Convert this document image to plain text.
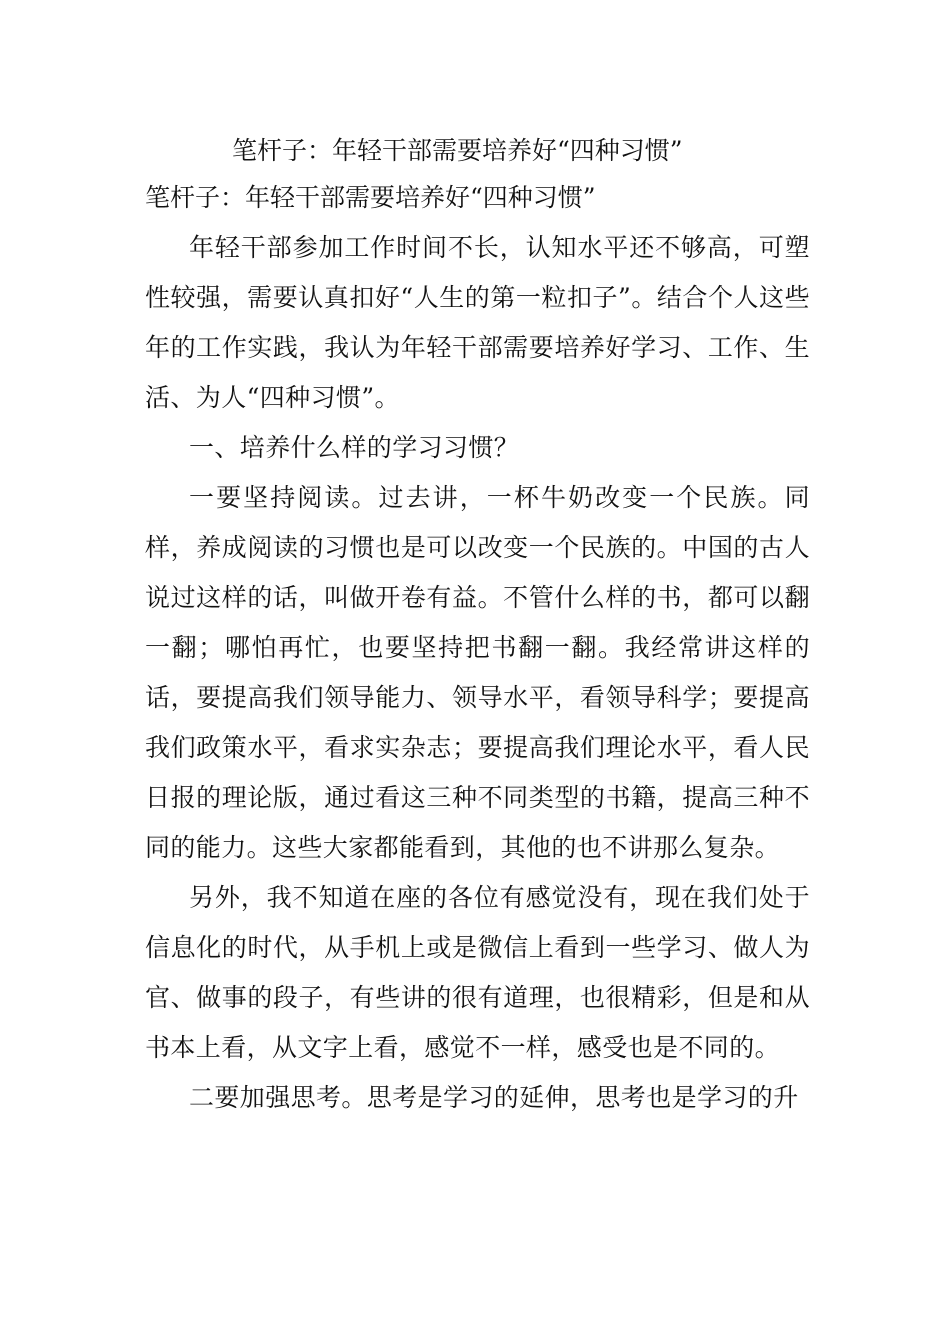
笔杆子：年轻干部需要培养好“四种习惯”
笔杆子：年轻干部需要培养好“四种习惯”

年轻干部参加工作时间不长，认知水平还不够高，可塑性较强，需要认真扣好“人生的第一粒扣子”。结合个人这些年的工作实践，我认为年轻干部需要培养好学习、工作、生活、为人“四种习惯”。

一、培养什么样的学习习惯？

一要坚持阅读。过去讲，一杯牛奶改变一个民族。同样，养成阅读的习惯也是可以改变一个民族的。中国的古人说过这样的话，叫做开卷有益。不管什么样的书，都可以翻一翻；哪怕再忙，也要坚持把书翻一翻。我经常讲这样的话，要提高我们领导能力、领导水平，看领导科学；要提高我们政策水平，看求实杂志；要提高我们理论水平，看人民日报的理论版，通过看这三种不同类型的书籍，提高三种不同的能力。这些大家都能看到，其他的也不讲那么复杂。

另外，我不知道在座的各位有感觉没有，现在我们处于信息化的时代，从手机上或是微信上看到一些学习、做人为官、做事的段子，有些讲的很有道理，也很精彩，但是和从书本上看，从文字上看，感觉不一样，感受也是不同的。

二要加强思考。思考是学习的延伸，思考也是学习的升
